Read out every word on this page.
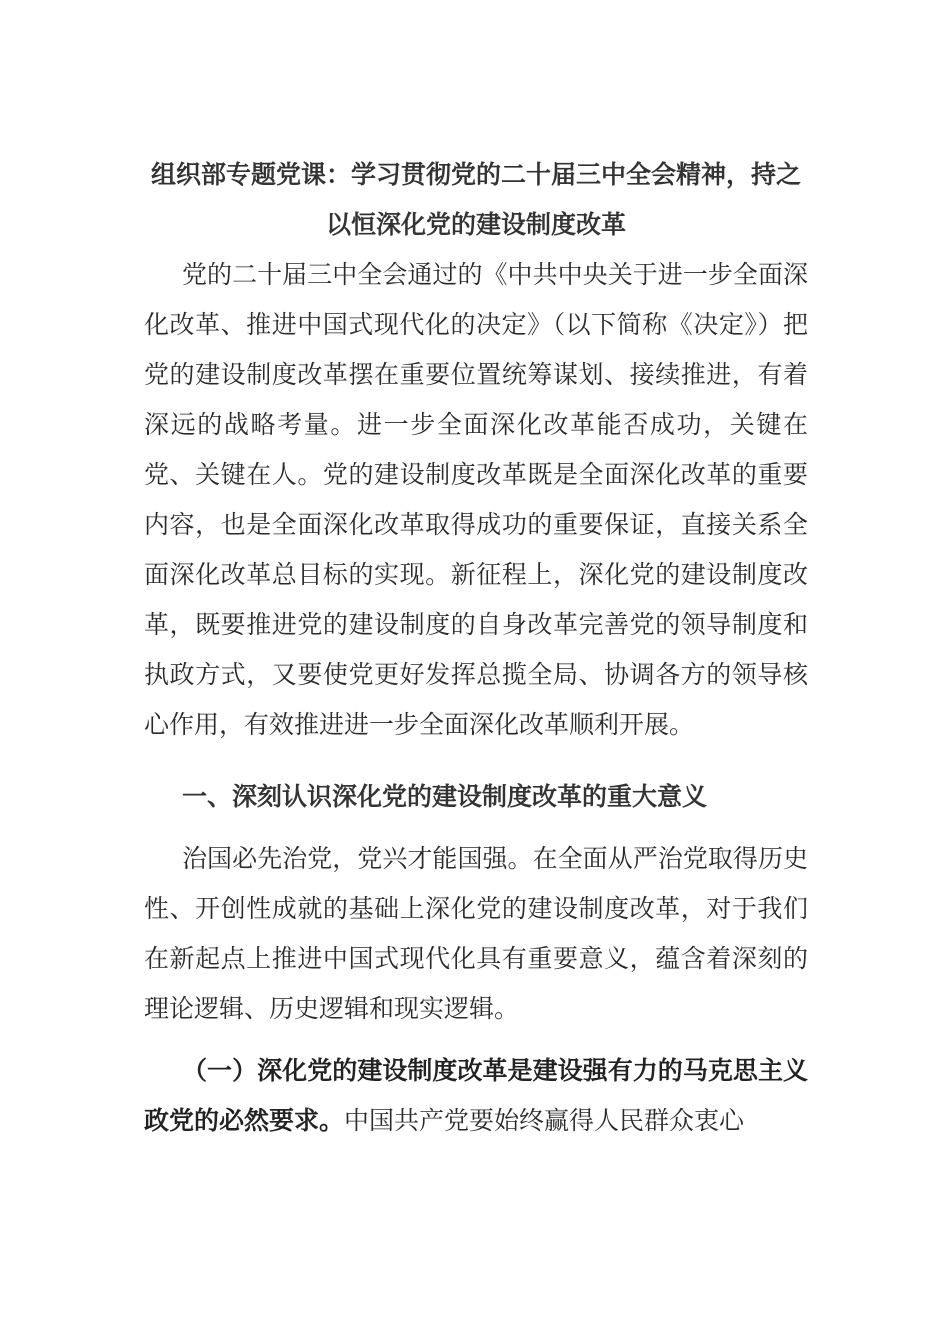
组织部专题党课：学习贯彻党的二十届三中全会精神，持之以恒深化党的建设制度改革

党的二十届三中全会通过的《中共中央关于进一步全面深化改革、推进中国式现代化的决定》（以下简称《决定》）把党的建设制度改革摆在重要位置统筹谋划、接续推进，有着深远的战略考量。进一步全面深化改革能否成功，关键在党、关键在人。党的建设制度改革既是全面深化改革的重要内容，也是全面深化改革取得成功的重要保证，直接关系全面深化改革总目标的实现。新征程上，深化党的建设制度改革，既要推进党的建设制度的自身改革完善党的领导制度和执政方式，又要使党更好发挥总揽全局、协调各方的领导核心作用，有效推进进一步全面深化改革顺利开展。

一、深刻认识深化党的建设制度改革的重大意义

治国必先治党，党兴才能国强。在全面从严治党取得历史性、开创性成就的基础上深化党的建设制度改革，对于我们在新起点上推进中国式现代化具有重要意义，蕴含着深刻的理论逻辑、历史逻辑和现实逻辑。

（一）深化党的建设制度改革是建设强有力的马克思主义政党的必然要求。中国共产党要始终赢得人民群众衷心
